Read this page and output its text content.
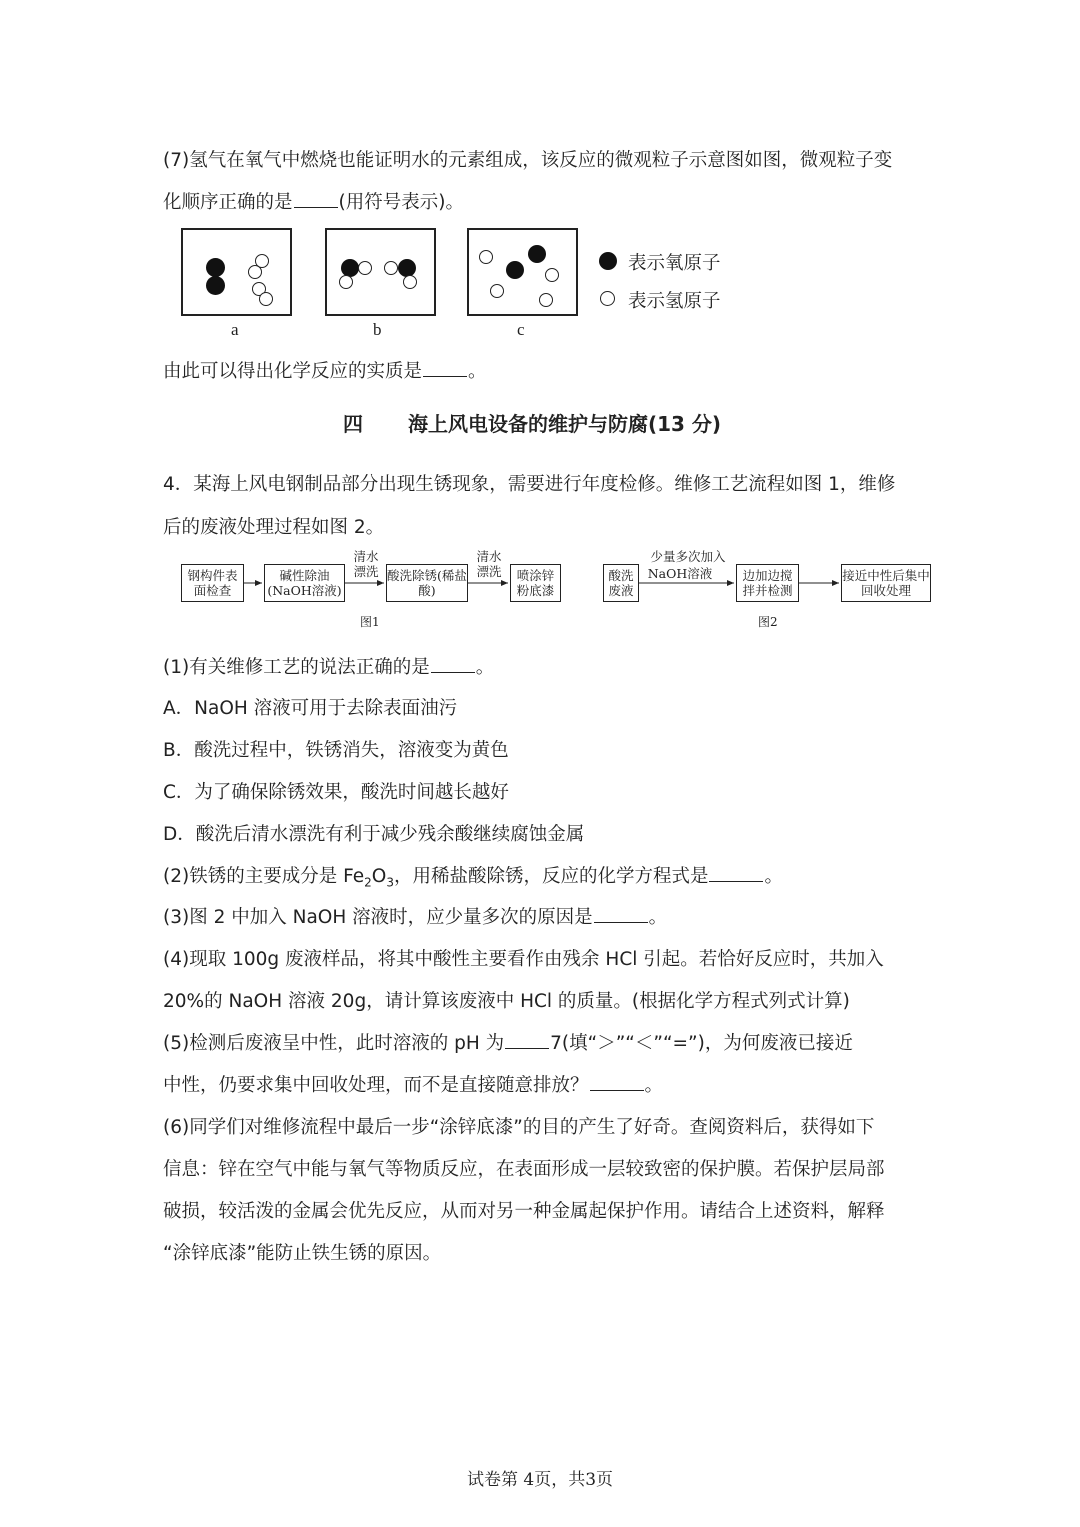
(7)氢气在氧气中燃烧也能证明水的元素组成，该反应的微观粒子示意图如图，微观粒子变
化顺序正确的是 (用符号表示)。
a	b	c
表示氧原子
表示氢原子
由此可以得出化学反应的实质是 。
四 海上风电设备的维护与防腐(13 分)
4．某海上风电钢制品部分出现生锈现象，需要进行年度检修。维修工艺流程如图 1，维修
后的废液处理过程如图 2。
钢构件表面检查
碱性除油(NaOH溶液)
酸洗除锈(稀盐酸)
喷涂锌粉底漆
清水漂洗
清水漂洗	酸洗废液
边加边搅拌并检测
接近中性后集中回收处理
少量多次加入
NaOH溶液
图1	图2
(1)有关维修工艺的说法正确的是 。
A．NaOH 溶液可用于去除表面油污
B．酸洗过程中，铁锈消失，溶液变为黄色
C．为了确保除锈效果，酸洗时间越长越好
D．酸洗后清水漂洗有利于减少残余酸继续腐蚀金属
(2)铁锈的主要成分是 $Fe_2O_3$，用稀盐酸除锈，反应的化学方程式是	。
(3)图 2 中加入 NaOH 溶液时，应少量多次的原因是	。
(4)现取 100g 废液样品，将其中酸性主要看作由残余 HCl 引起。若恰好反应时，共加入
20%的 NaOH 溶液 20g，请计算该废液中 HCl 的质量。(根据化学方程式列式计算)
(5)检测后废液呈中性，此时溶液的 pH 为 7(填“＞”“＜”“=”)，为何废液已接近
中性，仍要求集中回收处理，而不是直接随意排放？	。
(6)同学们对维修流程中最后一步“涂锌底漆”的目的产生了好奇。查阅资料后，获得如下
信息：锌在空气中能与氧气等物质反应，在表面形成一层较致密的保护膜。若保护层局部
破损，较活泼的金属会优先反应，从而对另一种金属起保护作用。请结合上述资料，解释
“涂锌底漆”能防止铁生锈的原因。
试卷第 4页，共3页
